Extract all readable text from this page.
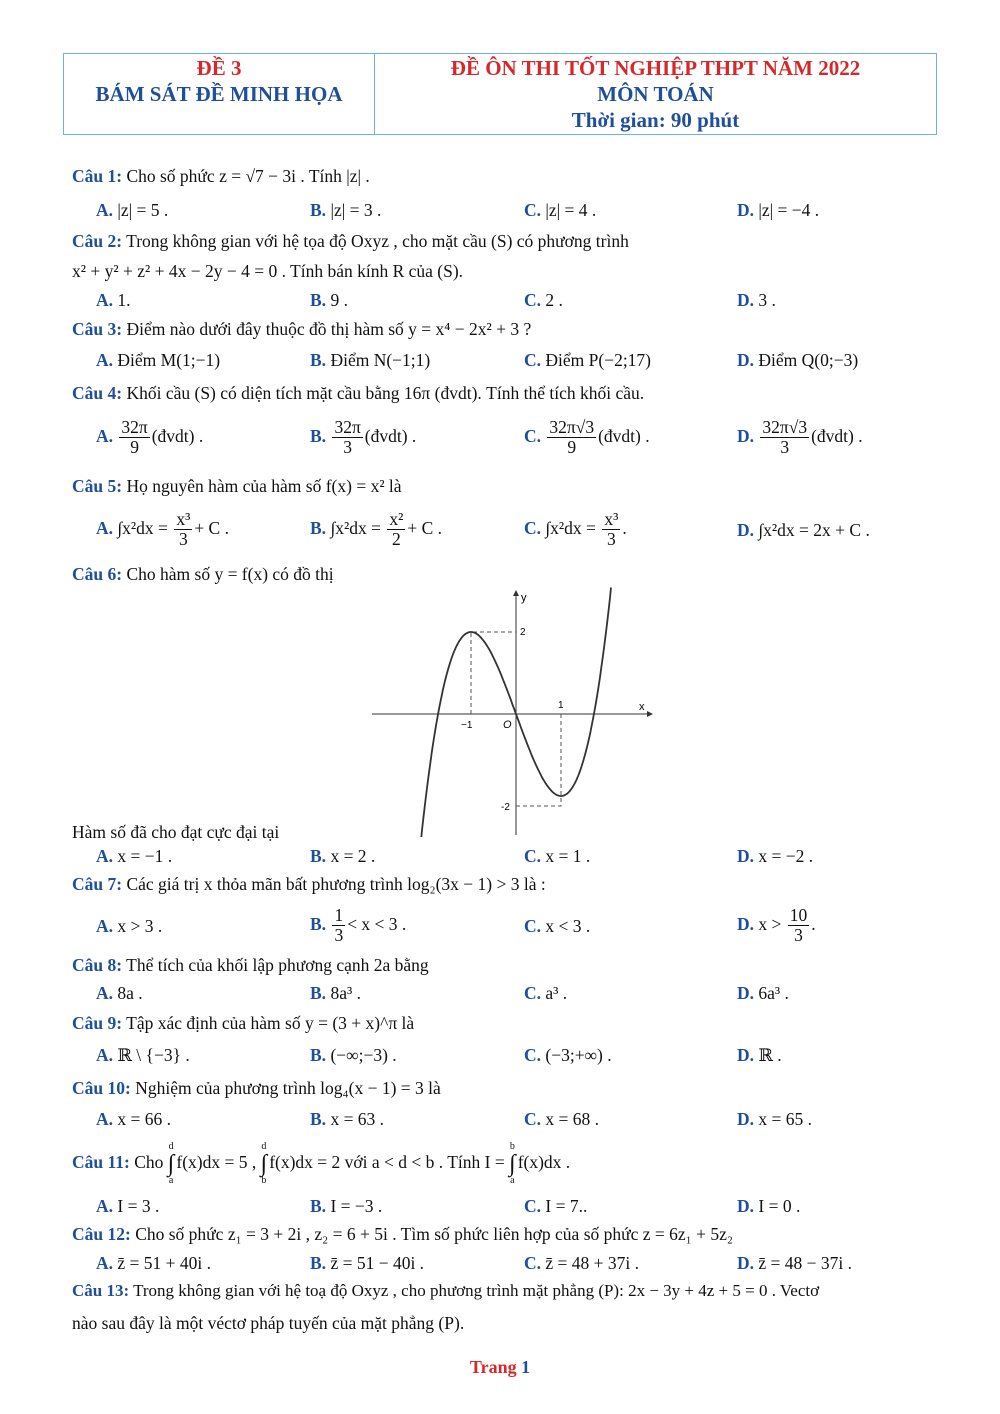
ĐỀ 3
BÁM SÁT ĐỀ MINH HỌA
ĐỀ ÔN THI TỐT NGHIỆP THPT NĂM 2022
MÔN TOÁN
Thời gian: 90 phút
Câu 1: Cho số phức z = √7 − 3i . Tính |z| .
A. |z| = 5 .	B. |z| = 3 .	C. |z| = 4 .	D. |z| = −4 .
Câu 2: Trong không gian với hệ tọa độ Oxyz , cho mặt cầu (S) có phương trình
x² + y² + z² + 4x − 2y − 4 = 0 . Tính bán kính R của (S).
A. 1.	B. 9 .	C. 2 .	D. 3 .
Câu 3: Điểm nào dưới đây thuộc đồ thị hàm số y = x⁴ − 2x² + 3 ?
A. Điểm M(1;−1)	B. Điểm N(−1;1)	C. Điểm P(−2;17)	D. Điểm Q(0;−3)
Câu 4: Khối cầu (S) có diện tích mặt cầu bằng 16π (đvdt). Tính thể tích khối cầu.
A. $\frac{32\pi}{9}$ (đvdt) .	B. $\frac{32\pi}{3}$ (đvdt) .	C. $\frac{32\pi√3}{9}$ (đvdt) .	D. $\frac{32\pi√3}{3}$ (đvdt) .
Câu 5: Họ nguyên hàm của hàm số f(x) = x² là
A. $\int x^2dx = \frac{\text{x³}}{3} + C$ .	B. $\int x^2dx = \frac{\text{x²}}{2} + C$ .	C. $\int x^2dx = \frac{\text{x³}}{3}$ .	D. ∫x²dx = 2x + C .
Câu 6: Cho hàm số y = f(x) có đồ thị
y
x
O
−1
1
2
-2
Hàm số đã cho đạt cực đại tại
A. x = −1 .	B. x = 2 .	C. x = 1 .	D. x = −2 .
Câu 7: Các giá trị x thỏa mãn bất phương trình log₂(3x − 1) > 3 là :
A. x > 3 .	B. $\frac{1}{3} < x < 3$ .	C. x < 3 .	D. $x > \frac{10}{3}$ .
Câu 8: Thể tích của khối lập phương cạnh 2a bằng
A. 8a .	B. 8a³ .	C. a³ .	D. 6a³ .
Câu 9: Tập xác định của hàm số y = (3 + x)^π là
A. ℝ \ {−3} .	B. (−∞;−3) .	C. (−3;+∞) .	D. ℝ .
Câu 10: Nghiệm của phương trình log₄(x − 1) = 3 là
A. x = 66 .	B. x = 63 .	C. x = 68 .	D. x = 65 .
Câu 11: Cho d
∫
af(x)dx = 5 , d
∫
bf(x)dx = 2 với a < d < b . Tính I = b
∫
af(x)dx .
A. I = 3 .	B. I = −3 .	C. I = 7..	D. I = 0 .
Câu 12: Cho số phức z₁ = 3 + 2i , z₂ = 6 + 5i . Tìm số phức liên hợp của số phức z = 6z₁ + 5z₂
A. z̄ = 51 + 40i .	B. z̄ = 51 − 40i .	C. z̄ = 48 + 37i .	D. z̄ = 48 − 37i .
Câu 13: Trong không gian với hệ toạ độ Oxyz , cho phương trình mặt phẳng (P): 2x − 3y + 4z + 5 = 0 . Vectơ
nào sau đây là một véctơ pháp tuyến của mặt phẳng (P).
Trang 1
